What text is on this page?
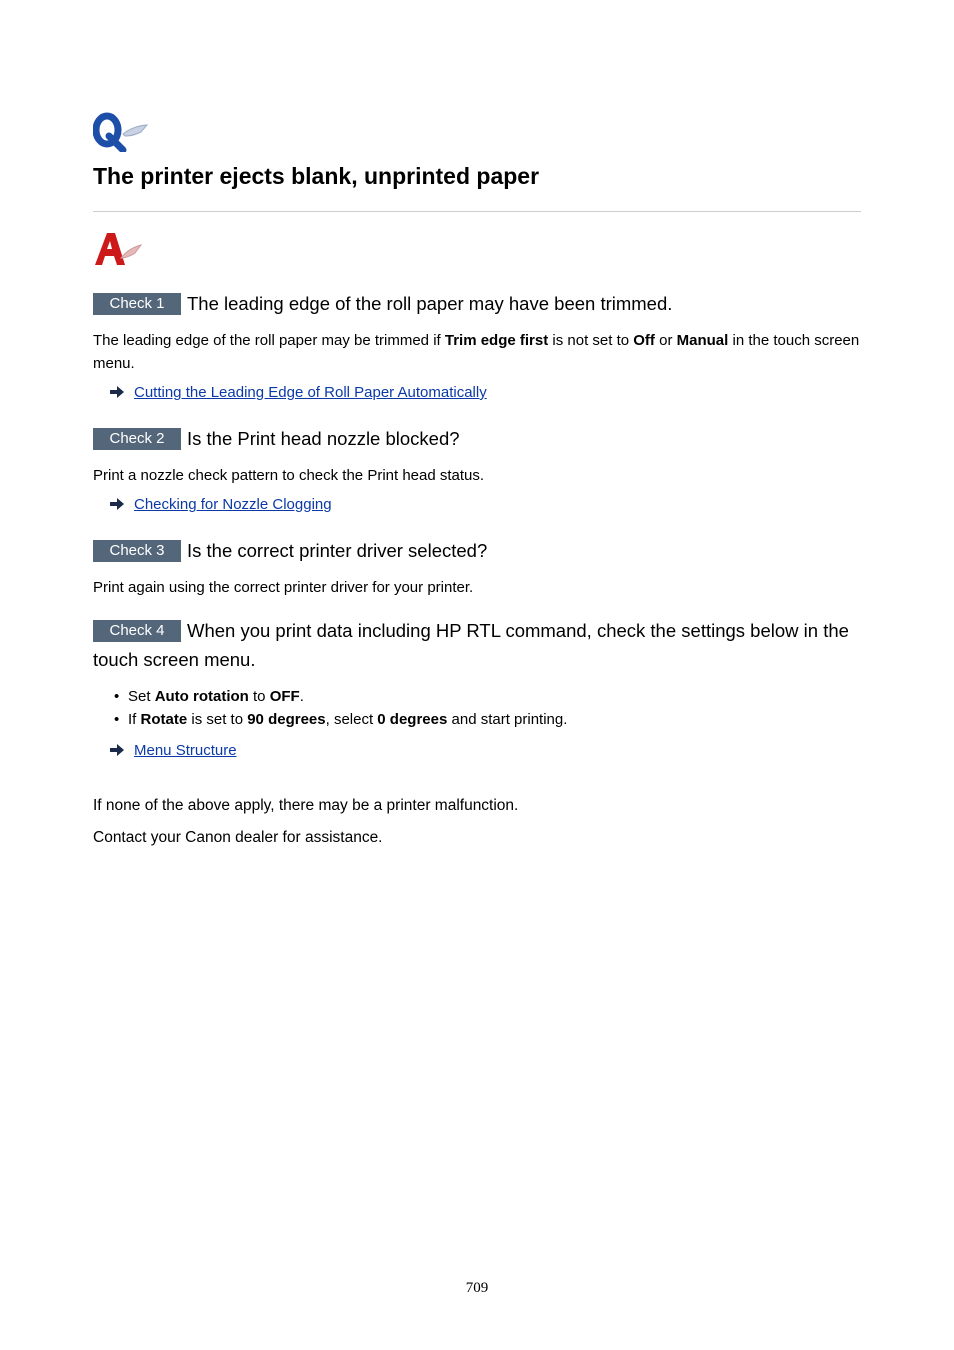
The printer ejects blank, unprinted paper
Check 1 The leading edge of the roll paper may have been trimmed.

The leading edge of the roll paper may be trimmed if Trim edge first is not set to Off or Manual in the touch screen menu.

Cutting the Leading Edge of Roll Paper Automatically

Check 2 Is the Print head nozzle blocked?

Print a nozzle check pattern to check the Print head status.

Checking for Nozzle Clogging

Check 3 Is the correct printer driver selected?

Print again using the correct printer driver for your printer.

Check 4 When you print data including HP RTL command, check the settings below in the touch screen menu.
• Set Auto rotation to OFF.
• If Rotate is set to 90 degrees, select 0 degrees and start printing.

Menu Structure

If none of the above apply, there may be a printer malfunction.

Contact your Canon dealer for assistance.

709
